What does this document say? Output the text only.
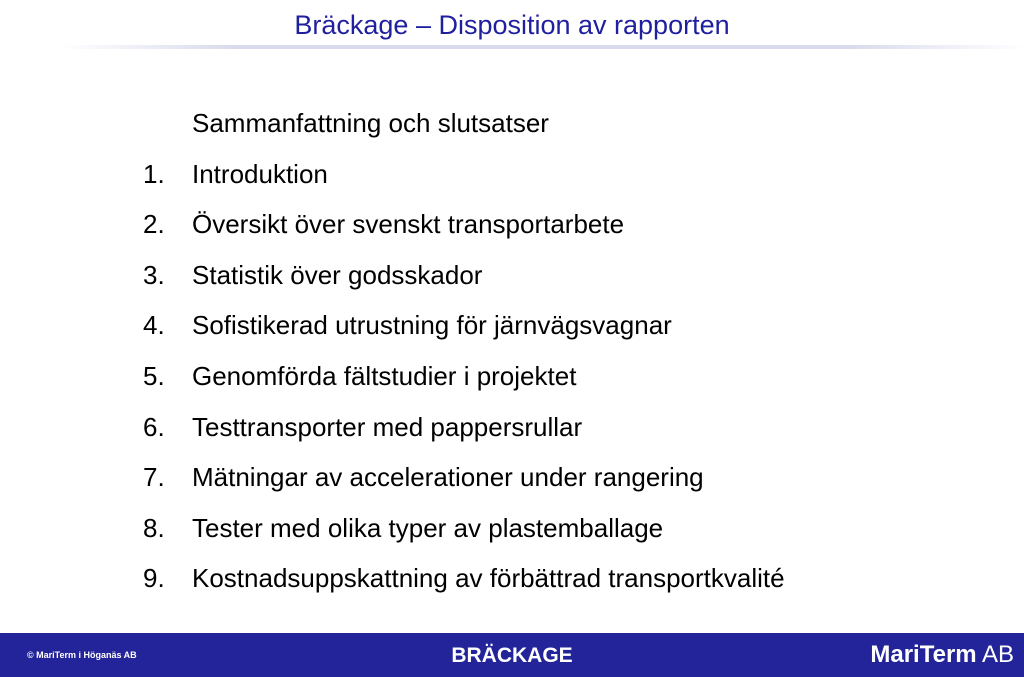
Bräckage – Disposition av rapporten
Sammanfattning och slutsatser
1.	Introduktion
2.	Översikt över svenskt transportarbete
3.	Statistik över godsskador
4.	Sofistikerad utrustning för järnvägsvagnar
5.	Genomförda fältstudier i projektet
6.	Testtransporter med pappersrullar
7.	Mätningar av accelerationer under rangering
8.	Tester med olika typer av plastemballage
9.	Kostnadsuppskattning av förbättrad transportkvalité
© MariTerm i Höganäs AB	BRÄCKAGE	MariTerm AB
